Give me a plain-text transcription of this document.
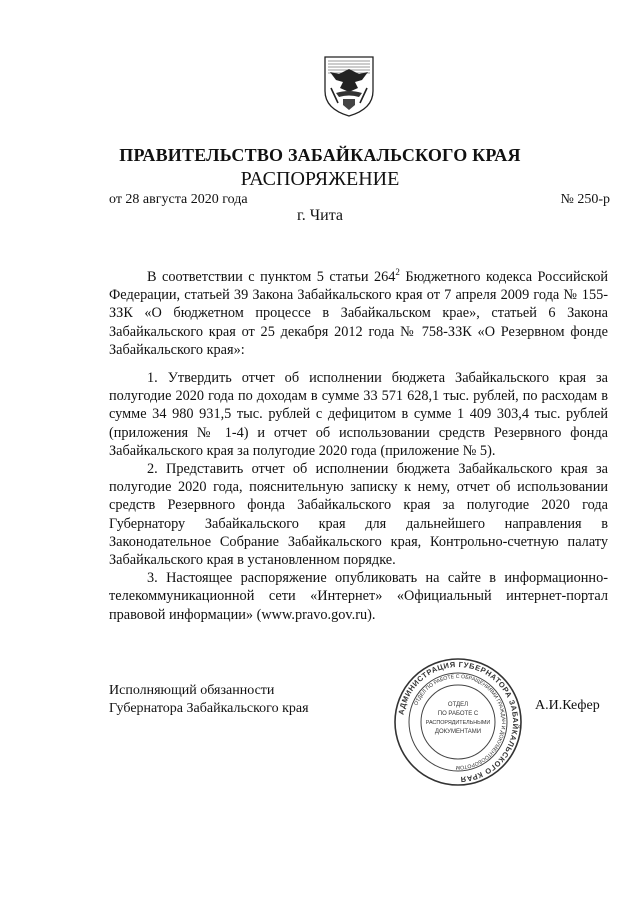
ПРАВИТЕЛЬСТВО ЗАБАЙКАЛЬСКОГО КРАЯ
РАСПОРЯЖЕНИЕ
от 28 августа 2020 года	№ 250-р
г. Чита

В соответствии с пунктом 5 статьи $264^2$ Бюджетного кодекса Российской Федерации, статьей 39 Закона Забайкальского края от 7 апреля 2009 года № 155-ЗЗК «О бюджетном процессе в Забайкальском крае», статьей 6 Закона Забайкальского края от 25 декабря 2012 года № 758-ЗЗК «О Резервном фонде Забайкальского края»:

1. Утвердить отчет об исполнении бюджета Забайкальского края за полугодие 2020 года по доходам в сумме 33 571 628,1 тыс. рублей, по расходам в сумме 34 980 931,5 тыс. рублей с дефицитом в сумме 1 409 303,4 тыс. рублей (приложения № 1-4) и отчет об использовании средств Резервного фонда Забайкальского края за полугодие 2020 года (приложение № 5).

2. Представить отчет об исполнении бюджета Забайкальского края за полугодие 2020 года, пояснительную записку к нему, отчет об использовании средств Резервного фонда Забайкальского края за полугодие 2020 года Губернатору Забайкальского края для дальнейшего направления в Законодательное Собрание Забайкальского края, Контрольно-счетную палату Забайкальского края в установленном порядке.

3. Настоящее распоряжение опубликовать на сайте в информационно-телекоммуникационной сети «Интернет» «Официальный интернет-портал правовой информации» (www.pravo.gov.ru).

Исполняющий обязанности
Губернатора Забайкальского края	АДМИНИСТРАЦИЯ ГУБЕРНАТОРА ЗАБАЙКАЛЬСКОГО КРАЯ
ОТДЕЛ ПО РАБОТЕ С ОБРАЩЕНИЯМИ ГРАЖДАН И ДОКУМЕНТООБОРОТОМ
ОТДЕЛ
ПО РАБОТЕ С
РАСПОРЯДИТЕЛЬНЫМИ
ДОКУМЕНТАМИ
А.И.Кефер
